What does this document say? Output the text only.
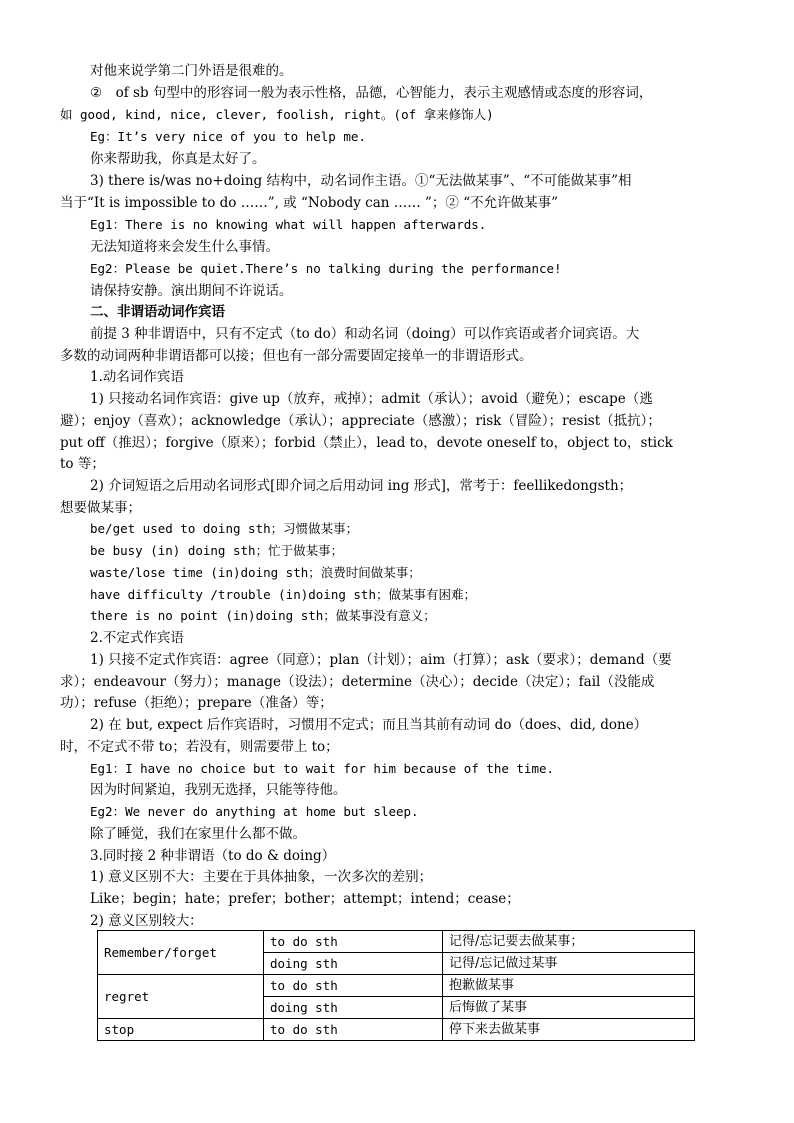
对他来说学第二门外语是很难的。
②　of sb 句型中的形容词一般为表示性格，品德，心智能力，表示主观感情或态度的形容词，
如 good, kind, nice, clever, foolish, right。(of 拿来修饰人)
Eg：It’s very nice of you to help me.
你来帮助我，你真是太好了。
3) there is/was no+doing 结构中，动名词作主语。①“无法做某事”、“不可能做某事”相
当于“It is impossible to do ……”, 或 “Nobody can …… ”；② “不允许做某事”
Eg1：There is no knowing what will happen afterwards.
无法知道将来会发生什么事情。
Eg2：Please be quiet.There’s no talking during the performance!
请保持安静。演出期间不许说话。
二、非谓语动词作宾语
前提 3 种非谓语中，只有不定式（to do）和动名词（doing）可以作宾语或者介词宾语。大
多数的动词两种非谓语都可以接；但也有一部分需要固定接单一的非谓语形式。
1.动名词作宾语
1) 只接动名词作宾语：give up（放弃，戒掉）；admit（承认）；avoid（避免）；escape（逃
避）；enjoy（喜欢）；acknowledge（承认）；appreciate（感激）；risk（冒险）；resist（抵抗）；
put off（推迟）；forgive（原来）；forbid（禁止），lead to，devote oneself to，object to，stick
to 等；
2) 介词短语之后用动名词形式[即介词之后用动词 ing 形式]，常考于：feellikedongsth；
想要做某事；
be/get used to doing sth；习惯做某事；
be busy (in) doing sth；忙于做某事；
waste/lose time (in)doing sth；浪费时间做某事；
have difficulty /trouble (in)doing sth；做某事有困难；
there is no point (in)doing sth；做某事没有意义；
2.不定式作宾语
1) 只接不定式作宾语：agree（同意）；plan（计划）；aim（打算）；ask（要求）；demand（要
求）；endeavour（努力）；manage（设法）；determine（决心）；decide（决定）；fail（没能成
功）；refuse（拒绝）；prepare（准备）等；
2) 在 but, expect 后作宾语时，习惯用不定式；而且当其前有动词 do（does、did, done）
时，不定式不带 to；若没有，则需要带上 to；
Eg1：I have no choice but to wait for him because of the time.
因为时间紧迫，我别无选择，只能等待他。
Eg2：We never do anything at home but sleep.
除了睡觉，我们在家里什么都不做。
3.同时接 2 种非谓语（to do & doing）
1) 意义区别不大：主要在于具体抽象，一次多次的差别；
Like；begin；hate；prefer；bother；attempt；intend；cease；
2) 意义区别较大：
Remember/forget	to do sth	记得/忘记要去做某事；
	doing sth	记得/忘记做过某事
regret	to do sth	抱歉做某事
	doing sth	后悔做了某事
stop	to do sth	停下来去做某事
